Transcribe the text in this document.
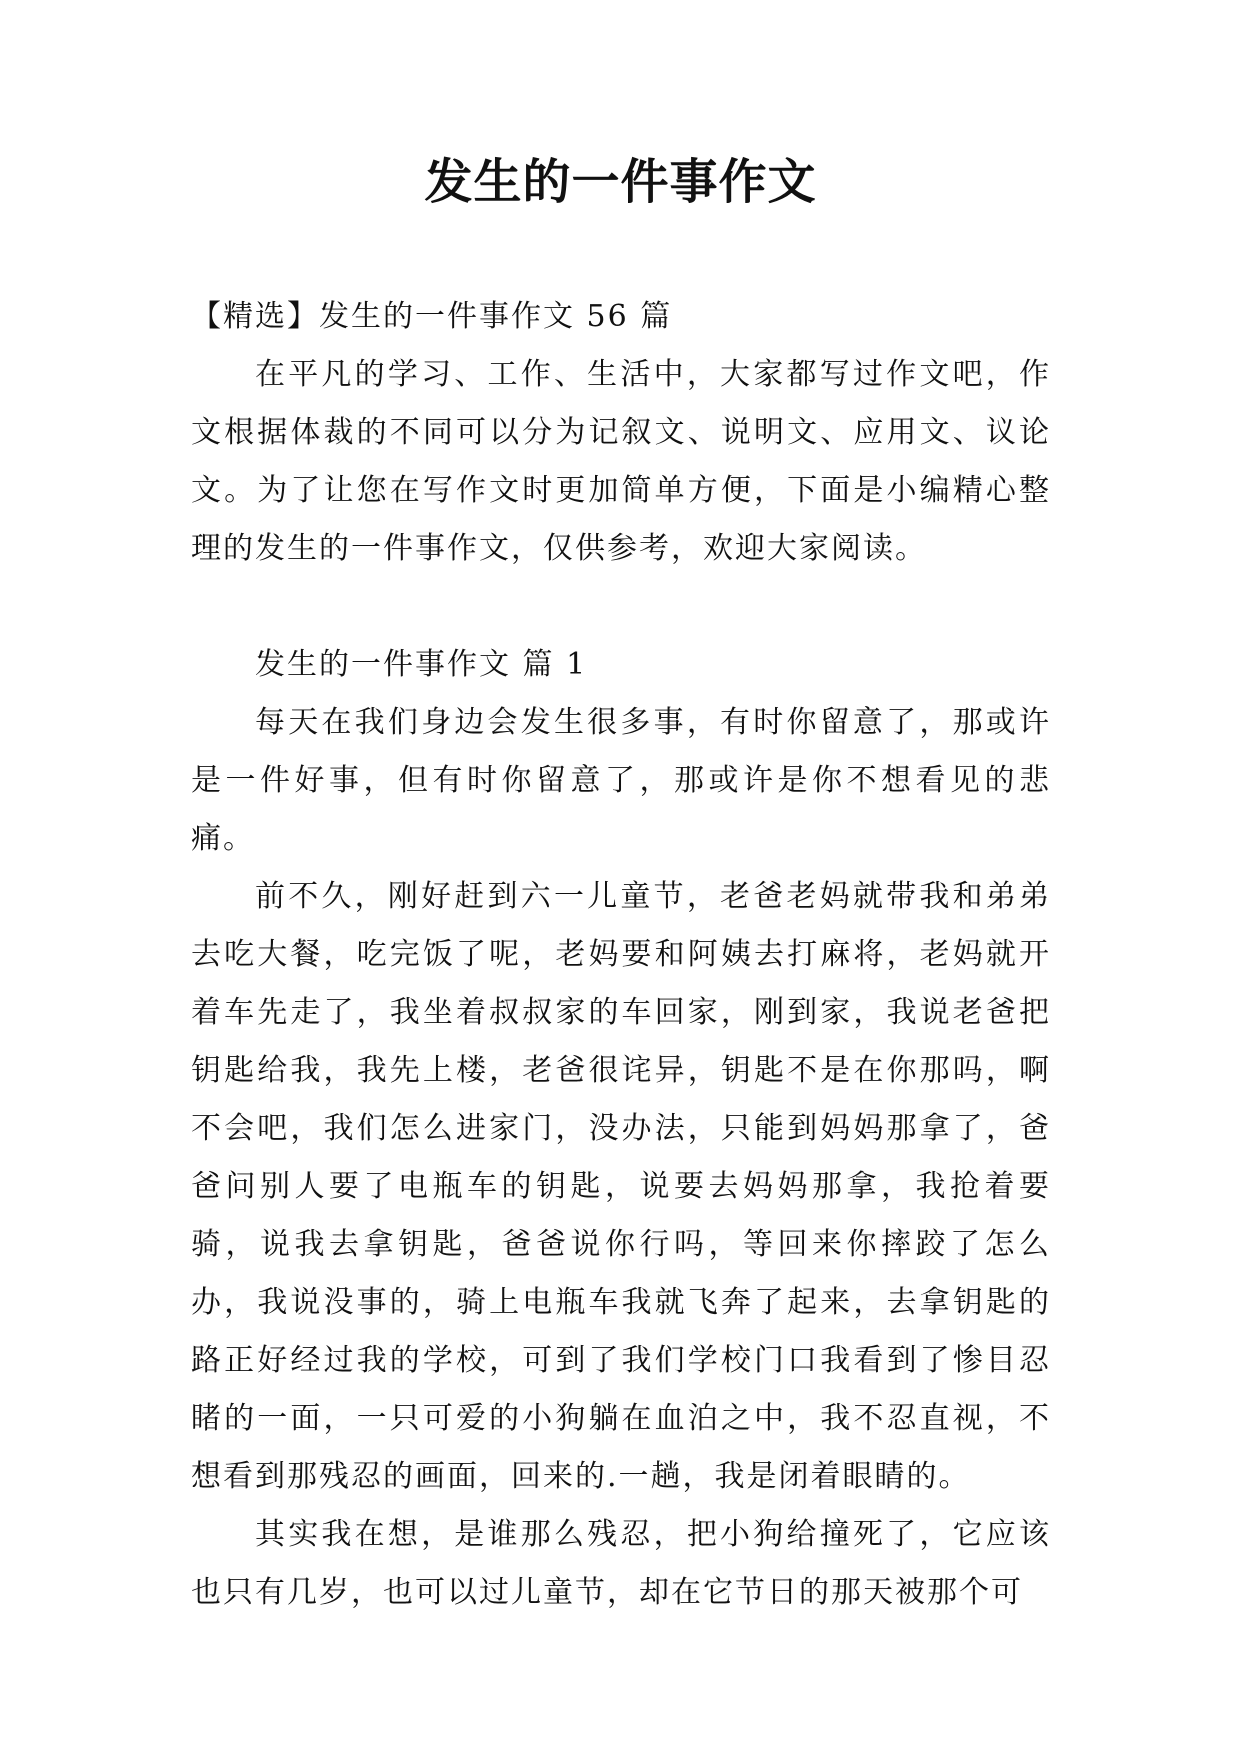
发生的一件事作文

【精选】发生的一件事作文 56 篇

在平凡的学习、工作、生活中，大家都写过作文吧，作文根据体裁的不同可以分为记叙文、说明文、应用文、议论文。为了让您在写作文时更加简单方便，下面是小编精心整理的发生的一件事作文，仅供参考，欢迎大家阅读。

发生的一件事作文 篇 1

每天在我们身边会发生很多事，有时你留意了，那或许是一件好事，但有时你留意了，那或许是你不想看见的悲痛。

前不久，刚好赶到六一儿童节，老爸老妈就带我和弟弟去吃大餐，吃完饭了呢，老妈要和阿姨去打麻将，老妈就开着车先走了，我坐着叔叔家的车回家，刚到家，我说老爸把钥匙给我，我先上楼，老爸很诧异，钥匙不是在你那吗，啊不会吧，我们怎么进家门，没办法，只能到妈妈那拿了，爸爸问别人要了电瓶车的钥匙，说要去妈妈那拿，我抢着要骑，说我去拿钥匙，爸爸说你行吗，等回来你摔跤了怎么办，我说没事的，骑上电瓶车我就飞奔了起来，去拿钥匙的路正好经过我的学校，可到了我们学校门口我看到了惨目忍睹的一面，一只可爱的小狗躺在血泊之中，我不忍直视，不想看到那残忍的画面，回来的.一趟，我是闭着眼睛的。

其实我在想，是谁那么残忍，把小狗给撞死了，它应该也只有几岁，也可以过儿童节，却在它节日的那天被那个可
